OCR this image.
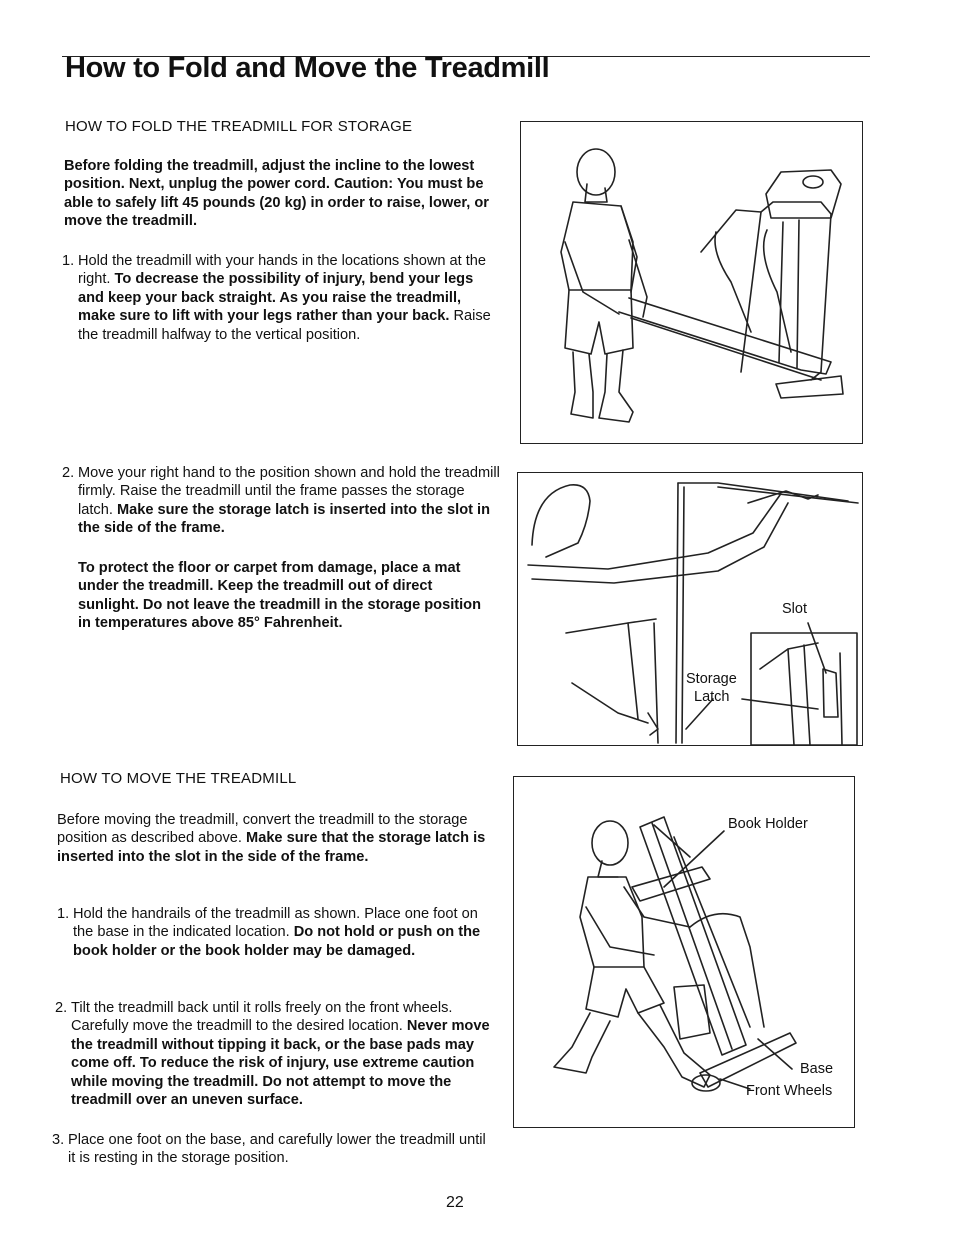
How to Fold and Move the Treadmill
HOW TO FOLD THE TREADMILL FOR STORAGE

Before folding the treadmill, adjust the incline to the lowest position. Next, unplug the power cord. Caution: You must be able to safely lift 45 pounds (20 kg) in order to raise, lower, or move the treadmill.

1. Hold the treadmill with your hands in the locations shown at the right. To decrease the possibility of injury, bend your legs and keep your back straight. As you raise the treadmill, make sure to lift with your legs rather than your back. Raise the treadmill halfway to the vertical position.
2. Move your right hand to the position shown and hold the treadmill firmly. Raise the treadmill until the frame passes the storage latch. Make sure the storage latch is inserted into the slot in the side of the frame.

To protect the floor or carpet from damage, place a mat under the treadmill. Keep the treadmill out of direct sunlight. Do not leave the treadmill in the storage position in temperatures above 85° Fahrenheit.

HOW TO MOVE THE TREADMILL

Before moving the treadmill, convert the treadmill to the storage position as described above. Make sure that the storage latch is inserted into the slot in the side of the frame.

1. Hold the handrails of the treadmill as shown. Place one foot on the base in the indicated location. Do not hold or push on the book holder or the book holder may be damaged.
2. Tilt the treadmill back until it rolls freely on the front wheels. Carefully move the treadmill to the desired location. Never move the treadmill without tipping it back, or the base pads may come off. To reduce the risk of injury, use extreme caution while moving the treadmill. Do not attempt to move the treadmill over an uneven surface.
3. Place one foot on the base, and carefully lower the treadmill until it is resting in the storage position.
Slot
Storage
Latch
Book Holder
Base
Front Wheels
22
